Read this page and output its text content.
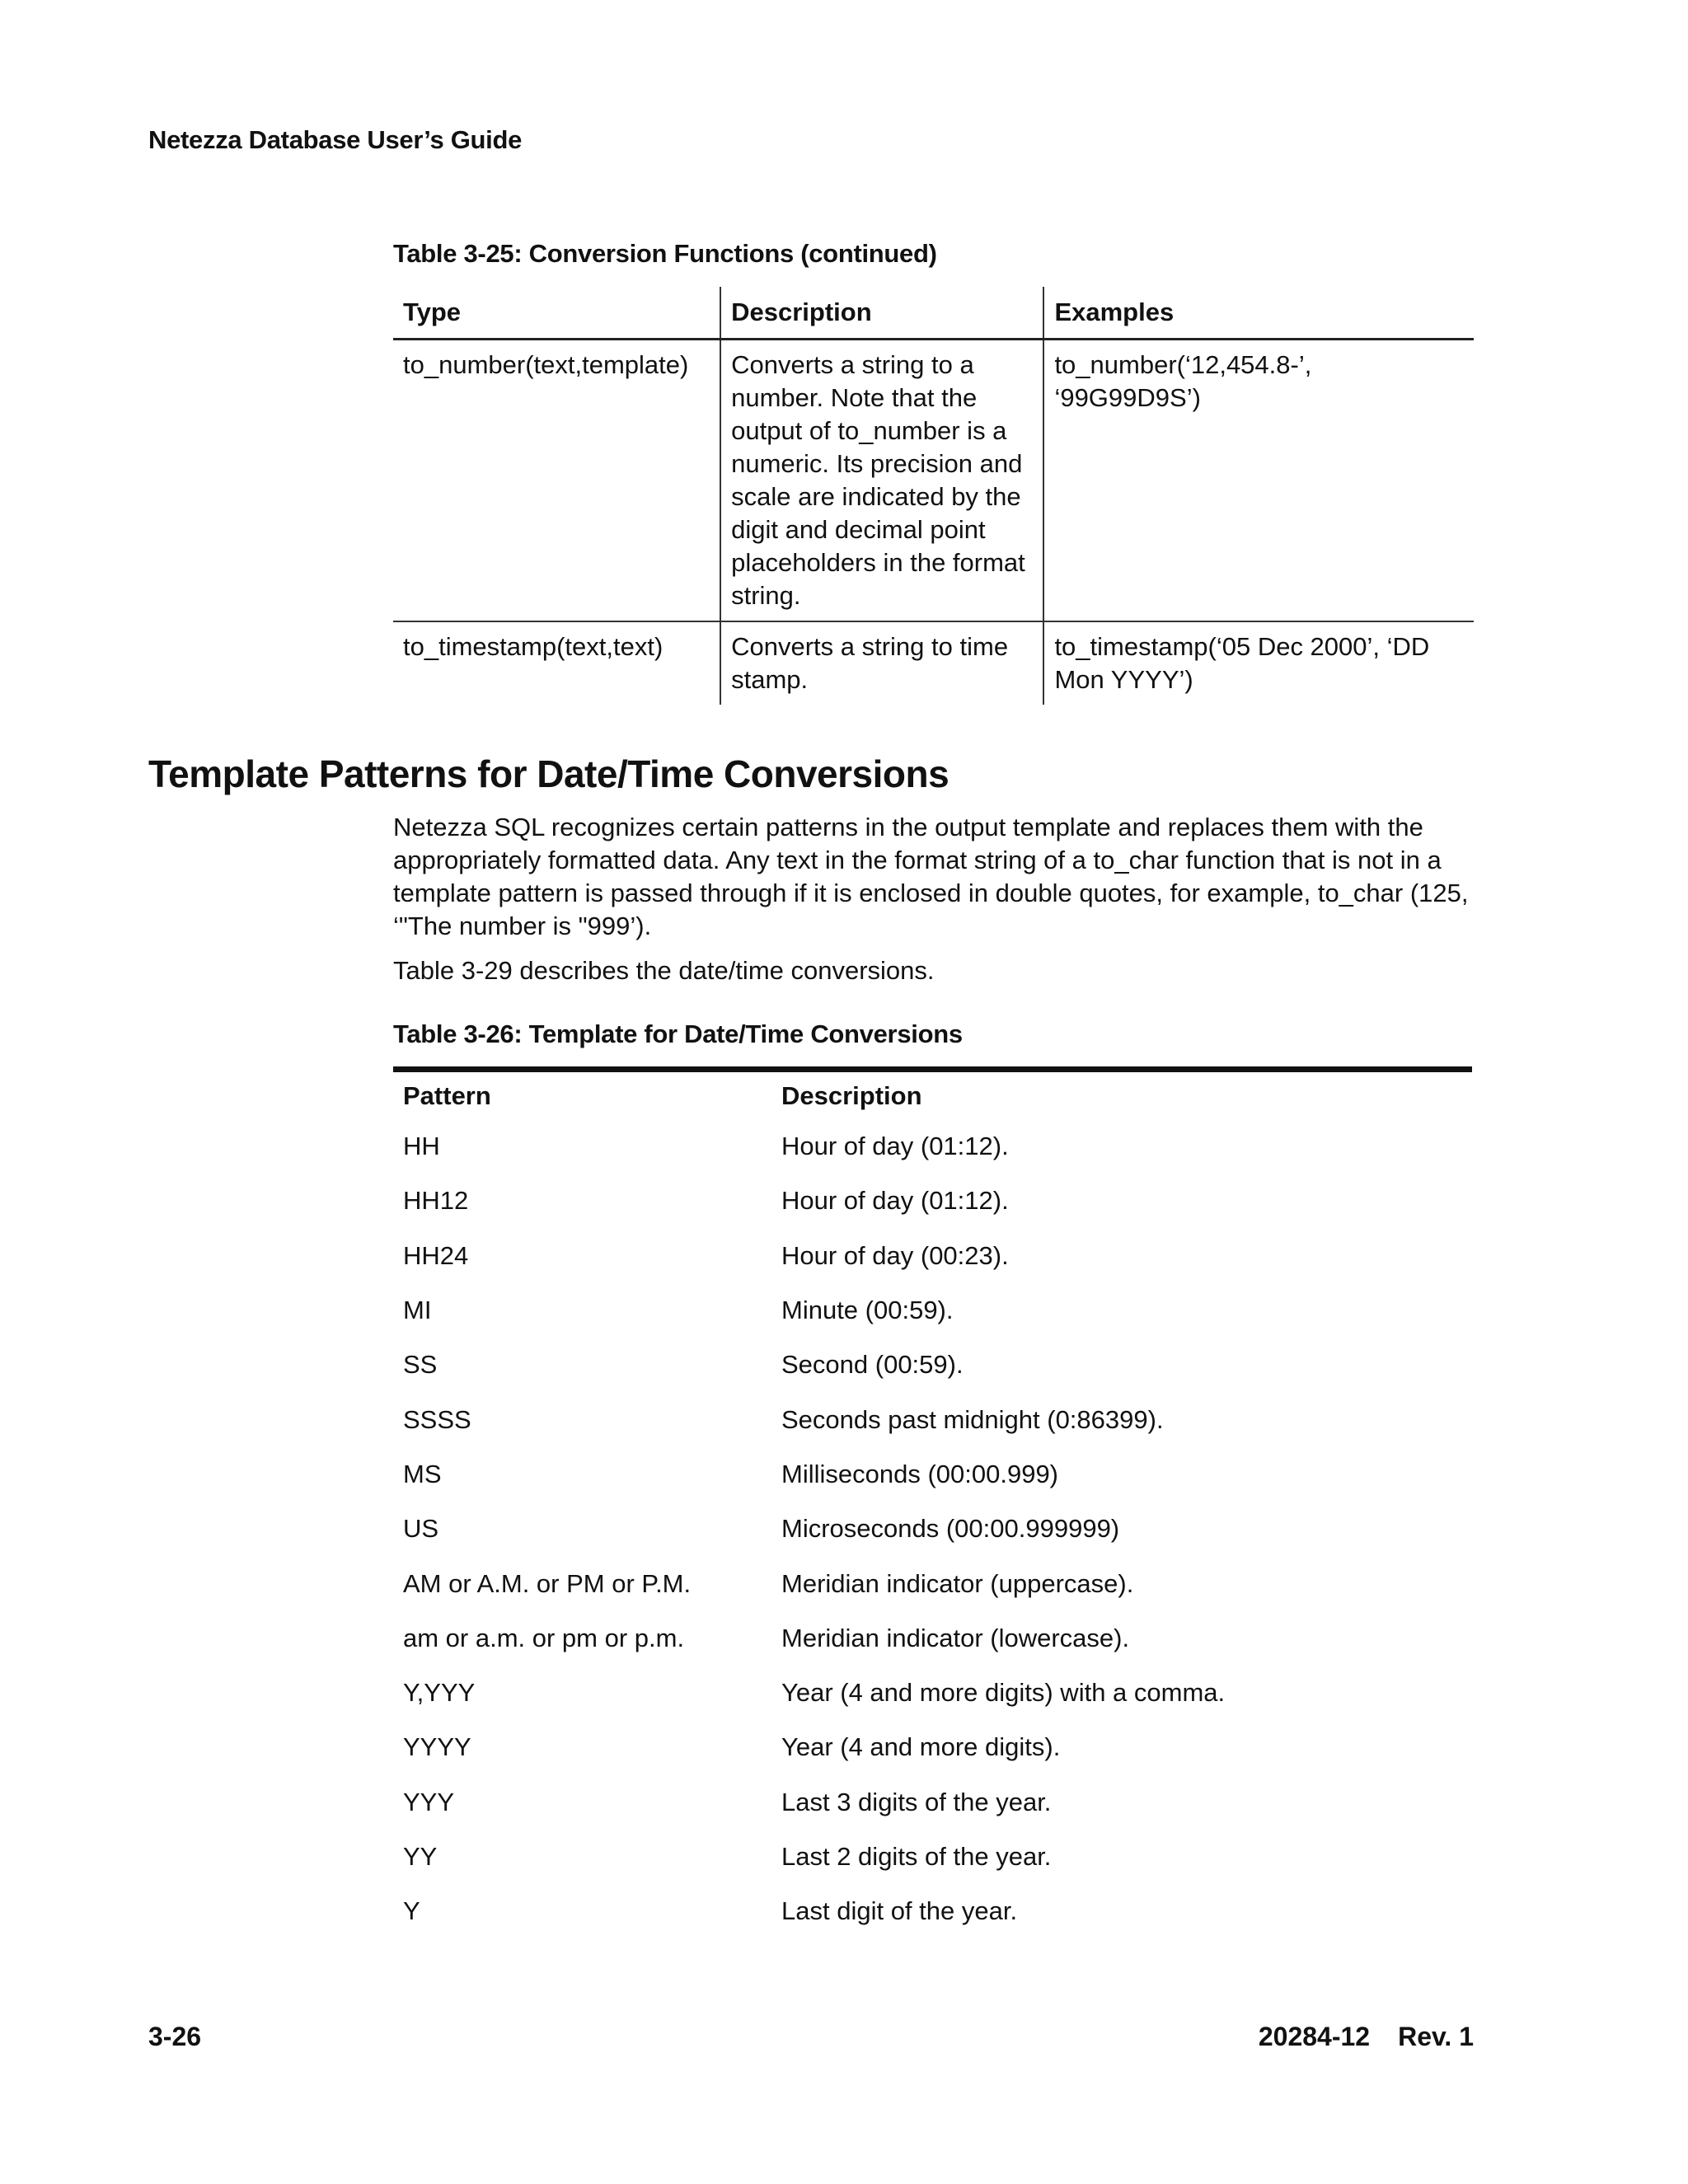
Netezza Database User’s Guide
Table 3-25: Conversion Functions (continued)
Type	Description	Examples
to_number(text,template)	Converts a string to a number. Note that the output of to_number is a numeric. Its precision and scale are indicated by the digit and decimal point placeholders in the format string.	to_number(‘12,454.8-’, ‘99G99D9S’)
to_timestamp(text,text)	Converts a string to time stamp.	to_timestamp(‘05 Dec 2000’, ‘DD Mon YYYY’)
Template Patterns for Date/Time Conversions

Netezza SQL recognizes certain patterns in the output template and replaces them with the appropriately formatted data. Any text in the format string of a to_char function that is not in a template pattern is passed through if it is enclosed in double quotes, for example, to_char (125, ‘"The number is "999’).

Table 3-29 describes the date/time conversions.

Table 3-26: Template for Date/Time Conversions
Pattern	Description
HH	Hour of day (01:12).
HH12	Hour of day (01:12).
HH24	Hour of day (00:23).
MI	Minute (00:59).
SS	Second (00:59).
SSSS	Seconds past midnight (0:86399).
MS	Milliseconds (00:00.999)
US	Microseconds (00:00.999999)
AM or A.M. or PM or P.M.	Meridian indicator (uppercase).
am or a.m. or pm or p.m.	Meridian indicator (lowercase).
Y,YYY	Year (4 and more digits) with a comma.
YYYY	Year (4 and more digits).
YYY	Last 3 digits of the year.
YY	Last 2 digits of the year.
Y	Last digit of the year.
3-26	20284-12 Rev. 1
